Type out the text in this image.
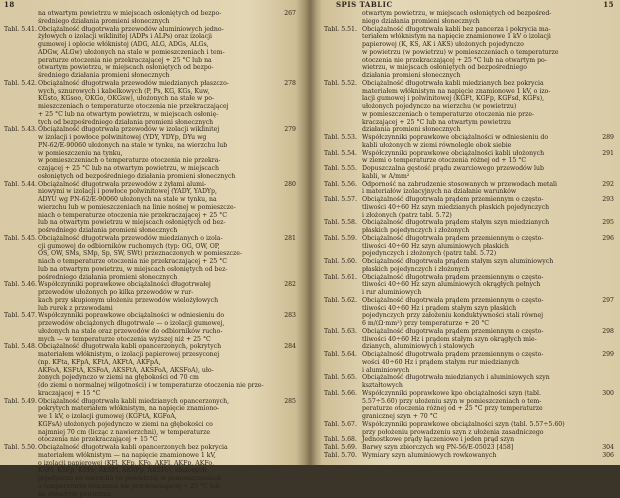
18
na otwartym powietrzu w miejscach osłoniętych od bezpo-
średniego działania promieni słonecznych
267
Tabl. 5.41. Obciążalność długotrwała przewodów aluminiowych jedno-
żyłowych o izolacji wiklinitej (ADPs i ALPs) oraz izolacji
gumowej i oplocie włóknistej (ADG, ALG, ADGs, ALGs,
ADGw, ALGw) ułożonych na stale w pomieszczeniach i tem-
peraturze otoczenia nie przekraczającej + 25 °C lub na
otwartym powietrzu, w miejscach osłoniętych od bezpo-
średniego działania promieni słonecznych
Tabl. 5.42. Obciążalność długotrwała przewodów miedzianych płaszczo-
wych, sznurowych i kabelkowych (P, Ps, KG, KGs, Kuw,
KGsto, KGsoo, OKGo, OKGsw), ułożonych na stałe w po-
mieszczeniach o temperaturze otoczenia nie przekraczającej
+ 25 °C lub na otwartym powietrzu, w miejscach osłonię-
tych od bezpośredniego działania promieni słonecznych
278
Tabl. 5.43. Obciążalność długotrwała przewodów w izolacji wiklinitej
w izolacji i powłoce polwinitowej (YDY, YDYp, DYu wg
PN-62/E-90060 ułożonych na stale w tynku, na wierzchu lub
w pomieszczeniu na tynku,
w pomieszczeniach o temperaturze otoczenia nie przekra-
czającej + 25 °C lub na otwartym powietrzu, w miejscach
osłoniętych od bezpośredniego działania promieni słonecznych
279
Tabl. 5.44. Obciążalność długotrwała przewodów z żyłami alumi-
niowymi w izolacji i powłoce polwinitowej (YADY, YADYp,
ADYU wg PN-62/E-90060 ułożonych na stale w tynku, na
wierzchu lub w pomieszczeniach na linie nośnej w pomieszcze-
niach o temperaturze otoczenia nie przekraczającej + 25 °C
lub na otwartym powietrzu w miejscach osłoniętych od bez-
pośredniego działania promieni słonecznych
280
Tabl. 5.45. Obciążalność długotrwała przewodów miedzianych o izola-
cji gumowej do odbiorników ruchomych (typ: OG, OW, OP,
OS, OW, SMs, SMp, Sp, SW, SWt) przeznaczonych w pomieszcze-
niach o temperaturze otoczenia nie przekraczającej + 25 °C
lub na otwartym powietrzu, w miejscach osłoniętych od bez-
pośredniego działania promieni słonecznych
281
Tabl. 5.46. Współczynniki poprawkowe obciążalności długotrwałej
przewodów ułożonych po kilka przewodów w rur-
kach przy skupionym ułożeniu przewodów wielożyłowych
lub rurek z przewodami
282
Tabl. 5.47. Współczynniki poprawkowe obciążalności w odniesieniu do
przewodów obciążonych długotrwale — o izolacji gumowej,
ułożonych na stale oraz przewodów do odbiorników rucho-
mych — w temperaturze otoczenia wyższej niż + 25 °C
283
Tabl. 5.48. Obciążalność długotrwała kabli opancerzonych, pokrytych
materiałem włóknistym, o izolacji papierowej przesyconej
(np. KFta, KFpA, KFtA, AKFtA, AKFpA,
AKFoA, KSFtA, KSFoA, AKSFtA, AKSFoA, AKSFoA), uło-
żonych pojedynczo w ziemi na głębokości od 70 cm
(do ziemi o normalnej wilgotności) i w temperaturze otoczenia nie prze-
kraczającej + 15 °C
284
Tabl. 5.49. Obciążalność długotrwała kabli miedzianych opancerzonych,
pokrytych materiałem włóknistym, na napięcie znamiono-
we 1 kV, o izolacji gumowej (KGFtA, KGFoA,
KGFsA) ułożonych pojedynczo w ziemi na głębokości co
najmniej 70 cm (licząc z nawierzchni), w temperaturze
otoczenia nie przekraczającej + 15 °C
285
Tabl. 5.50. Obciążalność długotrwała kabli opancerzonych bez pokrycia
materiałem włóknistym — na napięcie znamionowe 1 kV,
o izolacji papierowej (KFl, KFp, KFo, AKFl, AKFp, AKFo,
KSFl, KSFp, KSFo, AKSFl, AKSFp, AKSFo), ułożonych
pojedynczo na wierzchu (w powietrzu) w pomieszczeniach
o temperaturze otoczenia nie przekraczającej + 25 °C lub
na otwartym powietrzu
SPIS TABLIC	15
otwartym powietrzu, w miejscach osłoniętych od bezpośred-
niego działania promieni słonecznych
Tabl. 5.51. Obciążalność długotrwała kabli bez pancerza i pokrycia ma-
teriałem włóknistym na napięcie znamionowe 1 kV o izolacji
papierowej (K, KS, AK i AKS) ułożonych pojedynczo
w powietrzu (w powietrzu) w pomieszczeniach o temperaturze
otoczenia nie przekraczającej + 25 °C lub na otwartym po-
wietrzu, w miejscach osłoniętych od bezpośredniego
działania promieni słonecznych
Tabl. 5.52. Obciążalność długotrwała kabli miedzianych bez pokrycia
materiałem włóknistym na napięcie znamionowe 1 kV, o izo-
lacji gumowej i polwinitowej (KGFt, KGFp, KGFsd, KGFs),
ułożonych pojedynczo na wierzchu (w powietrzu)
w pomieszczeniach o temperaturze otoczenia nie prze-
kraczającej + 25 °C lub na otwartym powietrzu
działania promieni słonecznych
Tabl. 5.53. Współczynniki poprawkowe obciążalności w odniesieniu do
kabli ułożonych w ziemi równolegle obok siebie
289
Tabl. 5.54. Współczynniki poprawkowe obciążalności kabli ułożonych
w ziemi o temperaturze otoczenia różnej od + 15 °C
291
Tabl. 5.55. Dopuszczalna gęstość prądu zwarciowego przewodów lub
kabli, w A/mm²
Tabl. 5.56. Odporność na zabrudzenie stosowanych w przewodach metali
i materiałów izolacyjnych na działanie warunków
292
Tabl. 5.57. Obciążalność długotrwała prądem przemiennym o często-
tliwości 40÷60 Hz szyn miedzianych płaskich pojedynczych
i złożonych (patrz tabl. 5.72)
293
Tabl. 5.58. Obciążalność długotrwała prądem stałym szyn miedzianych
płaskich pojedynczych i złożonych
295
Tabl. 5.59. Obciążalność długotrwała prądem przemiennym o często-
tliwości 40÷60 Hz szyn aluminiowych płaskich
pojedynczych i złożonych (patrz tabl. 5.72)
296
Tabl. 5.60. Obciążalność długotrwała prądem stałym szyn aluminiowych
płaskich pojedynczych i złożonych
Tabl. 5.61. Obciążalność długotrwała prądem przemiennym o często-
tliwości 40÷60 Hz szyn aluminiowych okrągłych pełnych
i rur aluminiowych
Tabl. 5.62. Obciążalność długotrwała prądem przemiennym o często-
tliwości 40÷60 Hz i prądem stałym szyn płaskich
pojedynczych przy założeniu konduktywności stali równej
6 m/(Ω·mm²) przy temperaturze + 20 °C
297
Tabl. 5.63. Obciążalność długotrwała prądem przemiennym o często-
tliwości 40÷60 Hz i prądem stałym szyn okrągłych mie-
dzianych, aluminiowych i stalowych
298
Tabl. 5.64. Obciążalność długotrwała prądem przemiennym o często-
wości 40÷60 Hz i prądem stałym rur miedzianych
i aluminiowych
299
Tabl. 5.65. Obciążalność długotrwała miedzianych i aluminiowych szyn
kształtowych
Tabl. 5.66. Współczynniki poprawkowe kpo obciążalności szyn (tabl.
5.57÷5.60) przy ułożeniu szyn w pomieszczeniach o tem-
peraturze otoczenia różnej od + 25 °C przy temperaturze
granicznej szyn + 70 °C
300
Tabl. 5.67. Współczynniki poprawkowe obciążalności szyn (tabl. 5.57÷5.60)
przy położeniu prowadzeniu szyn z ułożenia zasadniczego
Tabl. 5.68. Jednostkowe prądy łączeniowe i jeden prąd szyn
Tabl. 5.69. Barwy szyn zbiorczych wg PN-56/E-05023 [458]	304
Tabl. 5.70. Wymiary szyn aluminiowych rowkowanych	306
